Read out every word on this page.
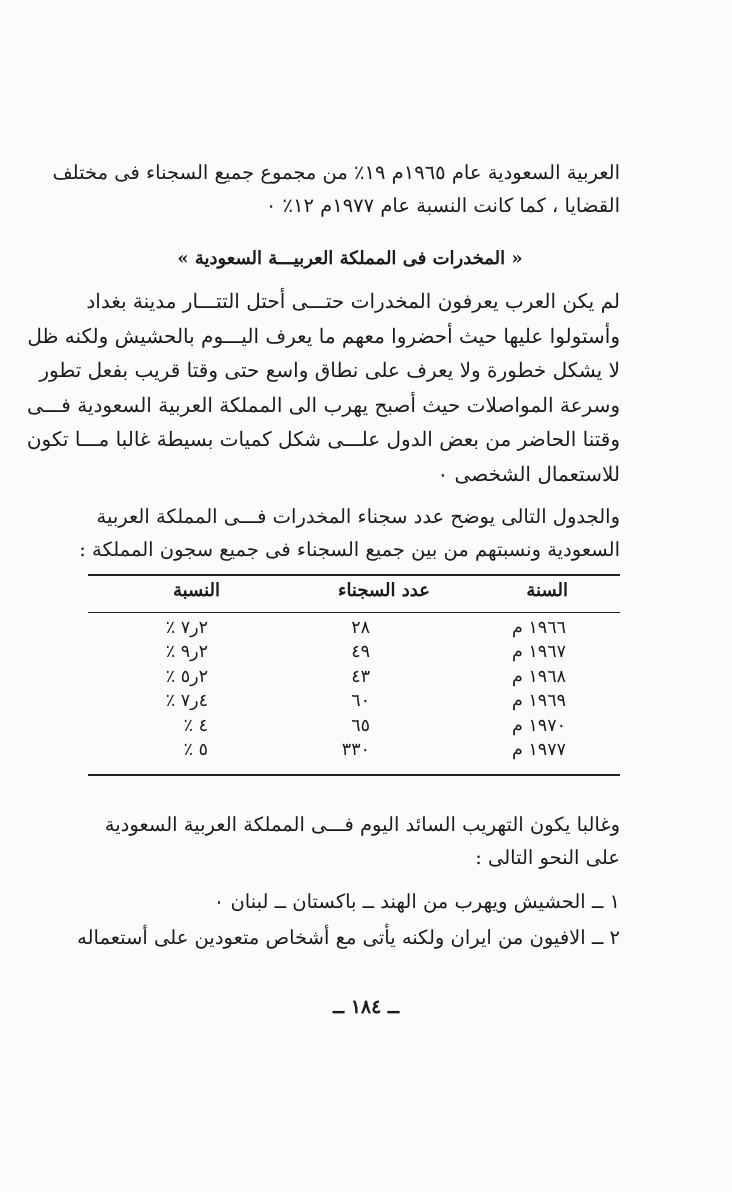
العربية السعودية عام ١٩٦٥م ١٩٪ من مجموع جميع السجناء فى مختلف
القضايا ، كما كانت النسبة عام ١٩٧٧م ١٢٪ ٠

« المخدرات فى المملكة العربيـــة السعودية »

لم يكن العرب يعرفون المخدرات حتـــى أحتل التتـــار مدينة بغداد
وأستولوا عليها حيث أحضروا معهم ما يعرف اليـــوم بالحشيش ولكنه ظل
لا يشكل خطورة ولا يعرف على نطاق واسع حتى وقتا قريب بفعل تطور
وسرعة المواصلات حيث أصبح يهرب الى المملكة العربية السعودية فـــى
وقتنا الحاضر من بعض الدول علـــى شكل كميات بسيطة غالبا مـــا تكون
للاستعمال الشخصى ٠

والجدول التالى يوضح عدد سجناء المخدرات فـــى المملكة العربية
السعودية ونسبتهم من بين جميع السجناء فى جميع سجون المملكة :

السنة
عدد السجناء
النسبة
١٩٦٦ م
٢٨
٢ر٧ ٪
١٩٦٧ م
٤٩
٢ر٩ ٪
١٩٦٨ م
٤٣
٢ر٥ ٪
١٩٦٩ م
٦٠
٤ر٧ ٪
١٩٧٠ م
٦٥
٤ ٪
١٩٧٧ م
٣٣٠
٥ ٪

وغالبا يكون التهريب السائد اليوم فـــى المملكة العربية السعودية
على النحو التالى :

١ ــ الحشيش ويهرب من الهند ــ باكستان ــ لبنان ٠

٢ ــ الافيون من ايران ولكنه يأتى مع أشخاص متعودين على أستعماله

ــ ١٨٤ ــ
